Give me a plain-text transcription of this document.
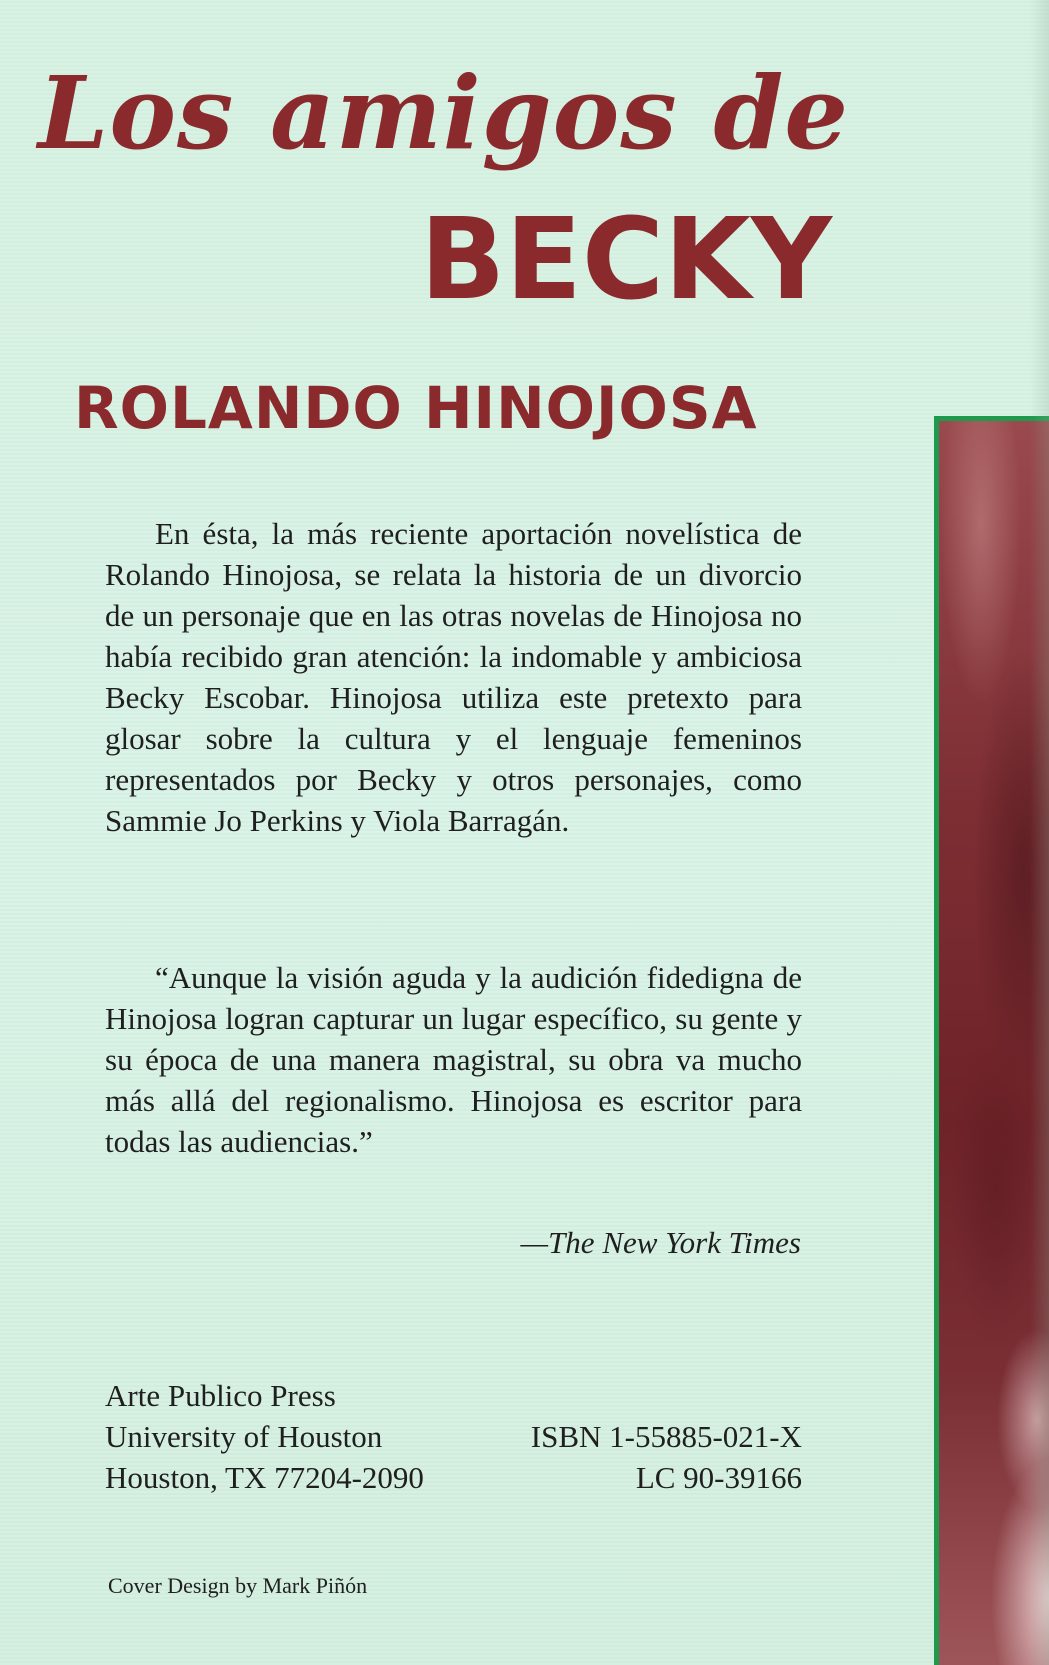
Los amigos de
BECKY
ROLANDO HINOJOSA

En ésta, la más reciente aportación novelística de Rolando Hinojosa, se relata la historia de un divorcio de un personaje que en las otras novelas de Hinojosa no había recibido gran atención: la indomable y ambiciosa Becky Escobar. Hinojosa utiliza este pretexto para glosar sobre la cultura y el lenguaje femeninos representados por Becky y otros personajes, como Sammie Jo Perkins y Viola Barragán.

“Aunque la visión aguda y la audición fidedigna de Hinojosa logran capturar un lugar específico, su gente y su época de una manera magistral, su obra va mucho más allá del regionalismo. Hinojosa es escritor para todas las audiencias.”

—The New York Times

Arte Publico Press
University of Houston	ISBN 1-55885-021-X
Houston, TX 77204-2090	LC 90-39166

Cover Design by Mark Piñón
